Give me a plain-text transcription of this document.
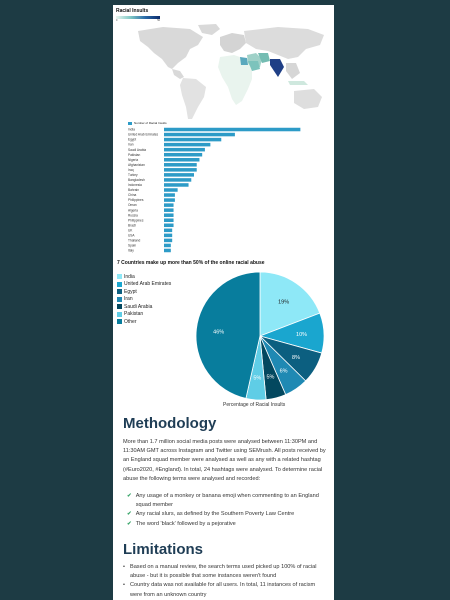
Racial Insults
0	50
Number of Racial Insults
India
United Arab Emirates
Egypt
Iran
Saudi Arabia
Pakistan
Nigeria
Afghanistan
Iraq
Turkey
Bangladesh
Indonesia
Bahrain
China
Philippines
Oman
Algeria
Russia
Philippines
Brazil
UK
USA
Thailand
Spain
Italy
7 Countries make up more than 50% of the online racial abuse
India
United Arab Emirates
Egypt
Iran
Saudi Arabia
Pakistan
Other
19%
10%
8%
6%
5%
5%
46%
Percentage of Racial Insults
Methodology

More than 1.7 million social media posts were analysed between 11:30PM and 11:30AM GMT across Instagram and Twitter using SEMrush. All posts received by an England squad member were analysed as well as any with a related hashtag (#Euro2020, #England). In total, 24 hashtags were analysed. To determine racial abuse the following terms were analysed and recorded:

✔ Any usage of a monkey or banana emoji when commenting to an England squad member
✔ Any racial slurs, as defined by the Southern Poverty Law Centre
✔ The word 'black' followed by a pejorative
Limitations
• Based on a manual review, the search terms used picked up 100% of racial abuse - but it is possible that some instances weren't found
• Country data was not available for all users. In total, 11 instances of racism were from an unknown country
